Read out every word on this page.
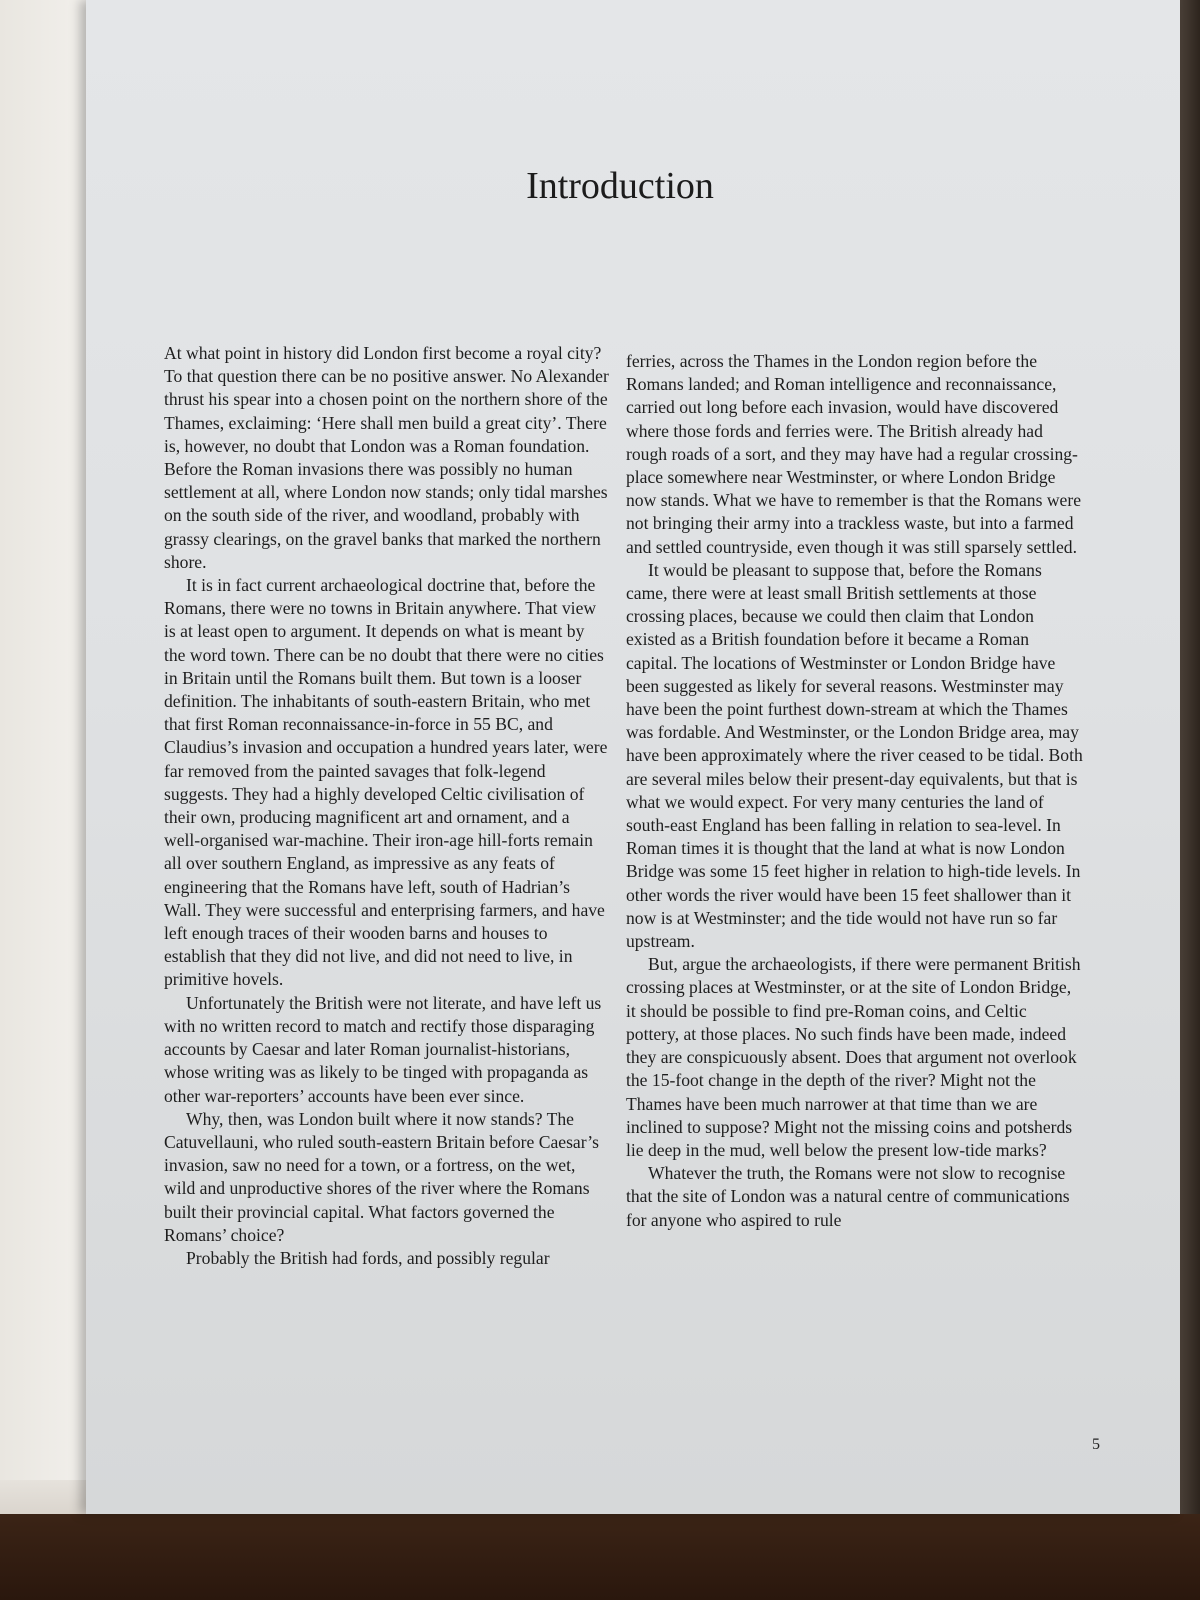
Introduction

At what point in history did London first become a royal city? To that question there can be no positive answer. No Alexander thrust his spear into a chosen point on the northern shore of the Thames, exclaiming: ‘Here shall men build a great city’. There is, however, no doubt that London was a Roman foundation. Before the Roman invasions there was possibly no human settlement at all, where London now stands; only tidal marshes on the south side of the river, and woodland, probably with grassy clearings, on the gravel banks that marked the northern shore.

It is in fact current archaeological doctrine that, before the Romans, there were no towns in Britain anywhere. That view is at least open to argument. It depends on what is meant by the word town. There can be no doubt that there were no cities in Britain until the Romans built them. But town is a looser definition. The inhabitants of south-eastern Britain, who met that first Roman reconnaissance-in-force in 55 BC, and Claudius’s invasion and occupation a hundred years later, were far removed from the painted savages that folk-legend suggests. They had a highly developed Celtic civilisation of their own, producing magnificent art and ornament, and a well-organised war-machine. Their iron-age hill-forts remain all over southern England, as impressive as any feats of engineering that the Romans have left, south of Hadrian’s Wall. They were successful and enterprising farmers, and have left enough traces of their wooden barns and houses to establish that they did not live, and did not need to live, in primitive hovels.

Unfortunately the British were not literate, and have left us with no written record to match and rectify those disparaging accounts by Caesar and later Roman journalist-historians, whose writing was as likely to be tinged with propaganda as other war-reporters’ accounts have been ever since.

Why, then, was London built where it now stands? The Catuvellauni, who ruled south-eastern Britain before Caesar’s invasion, saw no need for a town, or a fortress, on the wet, wild and unproductive shores of the river where the Romans built their provincial capital. What factors governed the Romans’ choice?

Probably the British had fords, and possibly regular

ferries, across the Thames in the London region before the Romans landed; and Roman intelligence and reconnaissance, carried out long before each invasion, would have discovered where those fords and ferries were. The British already had rough roads of a sort, and they may have had a regular crossing-place somewhere near Westminster, or where London Bridge now stands. What we have to remember is that the Romans were not bringing their army into a trackless waste, but into a farmed and settled countryside, even though it was still sparsely settled.

It would be pleasant to suppose that, before the Romans came, there were at least small British settlements at those crossing places, because we could then claim that London existed as a British foundation before it became a Roman capital. The locations of Westminster or London Bridge have been suggested as likely for several reasons. Westminster may have been the point furthest down-stream at which the Thames was fordable. And Westminster, or the London Bridge area, may have been approximately where the river ceased to be tidal. Both are several miles below their present-day equivalents, but that is what we would expect. For very many centuries the land of south-east England has been falling in relation to sea-level. In Roman times it is thought that the land at what is now London Bridge was some 15 feet higher in relation to high-tide levels. In other words the river would have been 15 feet shallower than it now is at Westminster; and the tide would not have run so far upstream.

But, argue the archaeologists, if there were permanent British crossing places at Westminster, or at the site of London Bridge, it should be possible to find pre-Roman coins, and Celtic pottery, at those places. No such finds have been made, indeed they are conspicuously absent. Does that argument not overlook the 15-foot change in the depth of the river? Might not the Thames have been much narrower at that time than we are inclined to suppose? Might not the missing coins and potsherds lie deep in the mud, well below the present low-tide marks?

Whatever the truth, the Romans were not slow to recognise that the site of London was a natural centre of communications for anyone who aspired to rule

5
